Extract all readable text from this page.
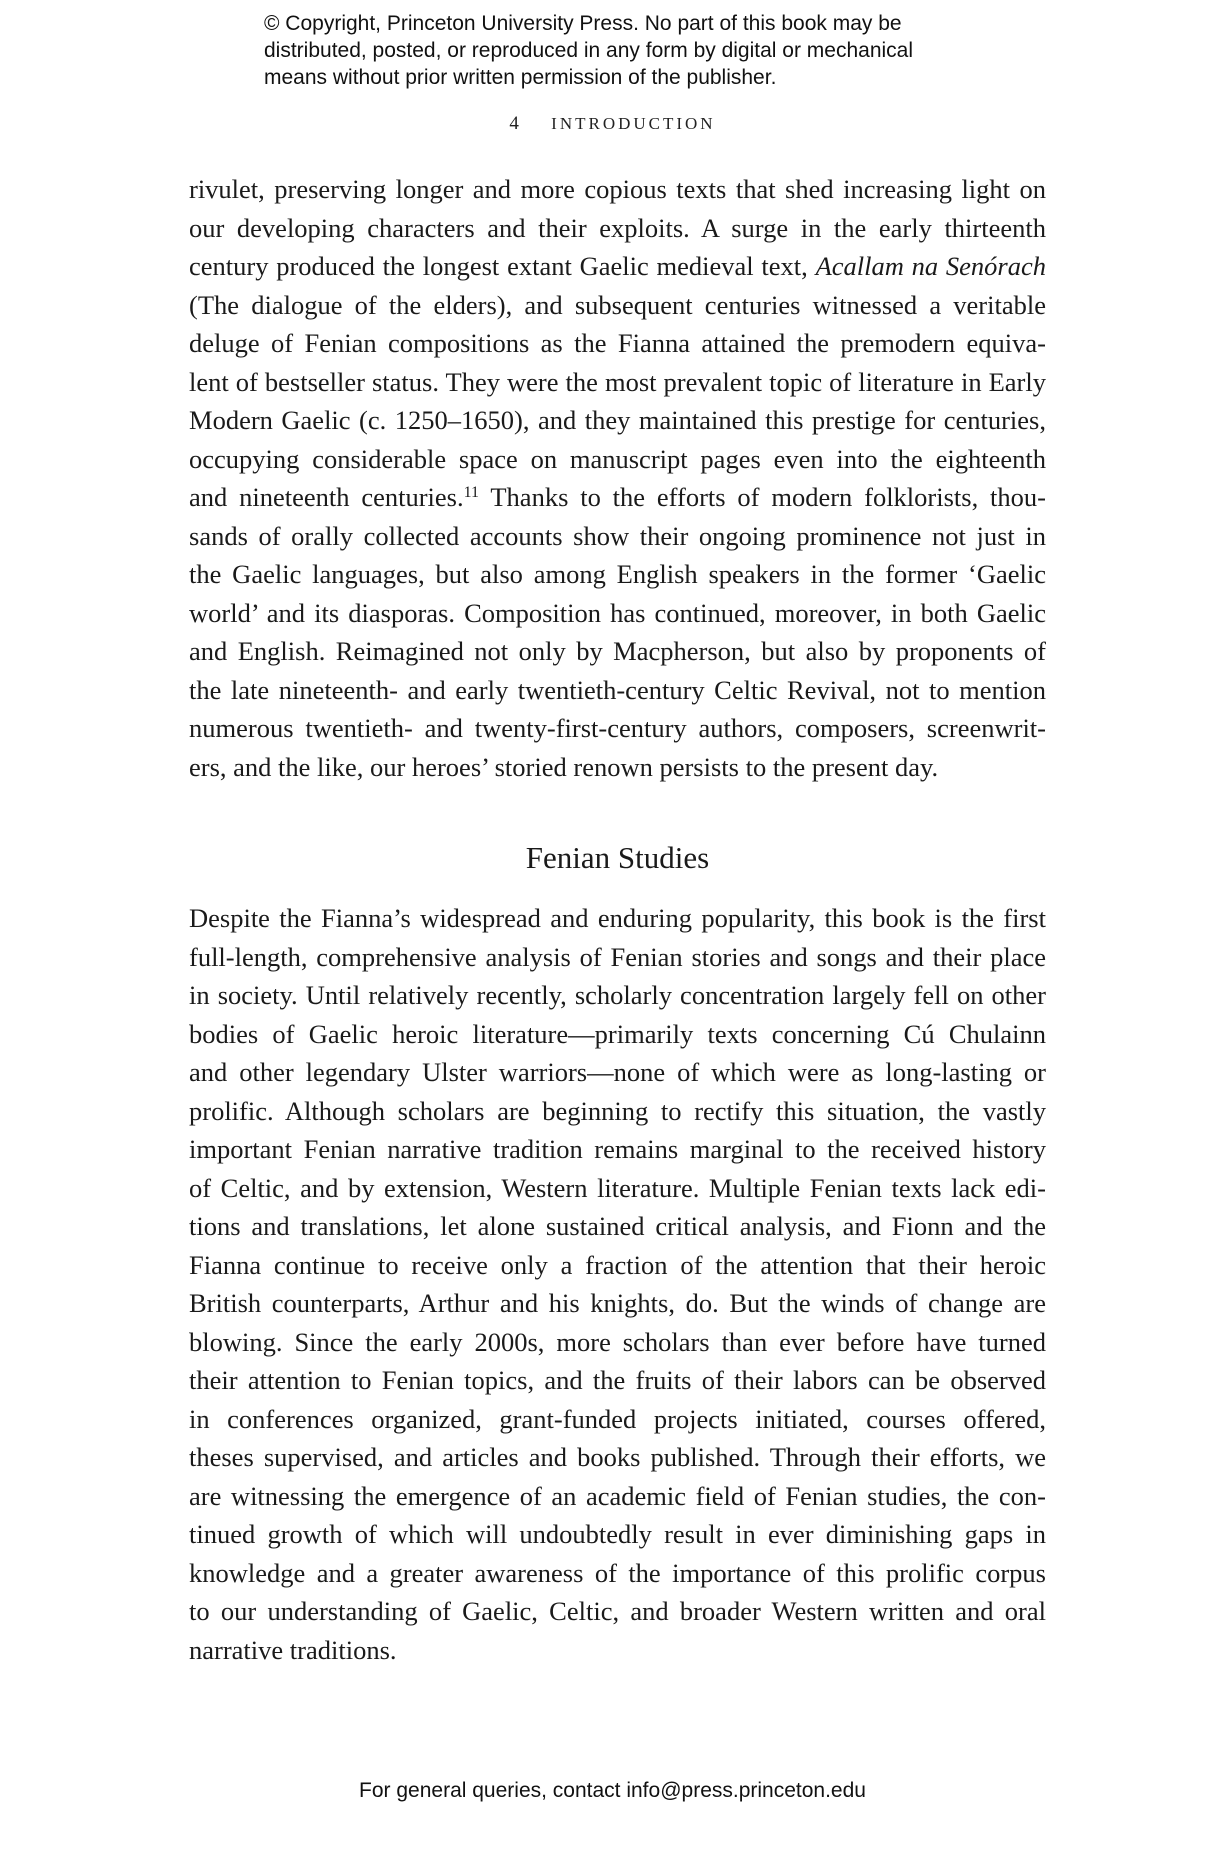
© Copyright, Princeton University Press. No part of this book may be
distributed, posted, or reproduced in any form by digital or mechanical
means without prior written permission of the publisher.
4 INTRODUCTION
rivulet, preserving longer and more copious texts that shed increasing light on
our developing characters and their exploits. A surge in the early thirteenth
century produced the longest extant Gaelic medieval text, Acallam na Senórach
(The dialogue of the elders), and subsequent centuries witnessed a veritable
deluge of Fenian compositions as the Fianna attained the premodern equiva-
lent of bestseller status. They were the most prevalent topic of literature in Early
Modern Gaelic (c. 1250–1650), and they maintained this prestige for centuries,
occupying considerable space on manuscript pages even into the eighteenth
and nineteenth centuries.$^{11}$ Thanks to the efforts of modern folklorists, thou-
sands of orally collected accounts show their ongoing prominence not just in
the Gaelic languages, but also among English speakers in the former ‘Gaelic
world’ and its diasporas. Composition has continued, moreover, in both Gaelic
and English. Reimagined not only by Macpherson, but also by proponents of
the late nineteenth- and early twentieth-century Celtic Revival, not to mention
numerous twentieth- and twenty-first-century authors, composers, screenwrit-
ers, and the like, our heroes’ storied renown persists to the present day.
Fenian Studies
Despite the Fianna’s widespread and enduring popularity, this book is the first
full-length, comprehensive analysis of Fenian stories and songs and their place
in society. Until relatively recently, scholarly concentration largely fell on other
bodies of Gaelic heroic literature—primarily texts concerning Cú Chulainn
and other legendary Ulster warriors—none of which were as long-lasting or
prolific. Although scholars are beginning to rectify this situation, the vastly
important Fenian narrative tradition remains marginal to the received history
of Celtic, and by extension, Western literature. Multiple Fenian texts lack edi-
tions and translations, let alone sustained critical analysis, and Fionn and the
Fianna continue to receive only a fraction of the attention that their heroic
British counterparts, Arthur and his knights, do. But the winds of change are
blowing. Since the early 2000s, more scholars than ever before have turned
their attention to Fenian topics, and the fruits of their labors can be observed
in conferences organized, grant-funded projects initiated, courses offered,
theses supervised, and articles and books published. Through their efforts, we
are witnessing the emergence of an academic field of Fenian studies, the con-
tinued growth of which will undoubtedly result in ever diminishing gaps in
knowledge and a greater awareness of the importance of this prolific corpus
to our understanding of Gaelic, Celtic, and broader Western written and oral
narrative traditions.
For general queries, contact info@press.princeton.edu
